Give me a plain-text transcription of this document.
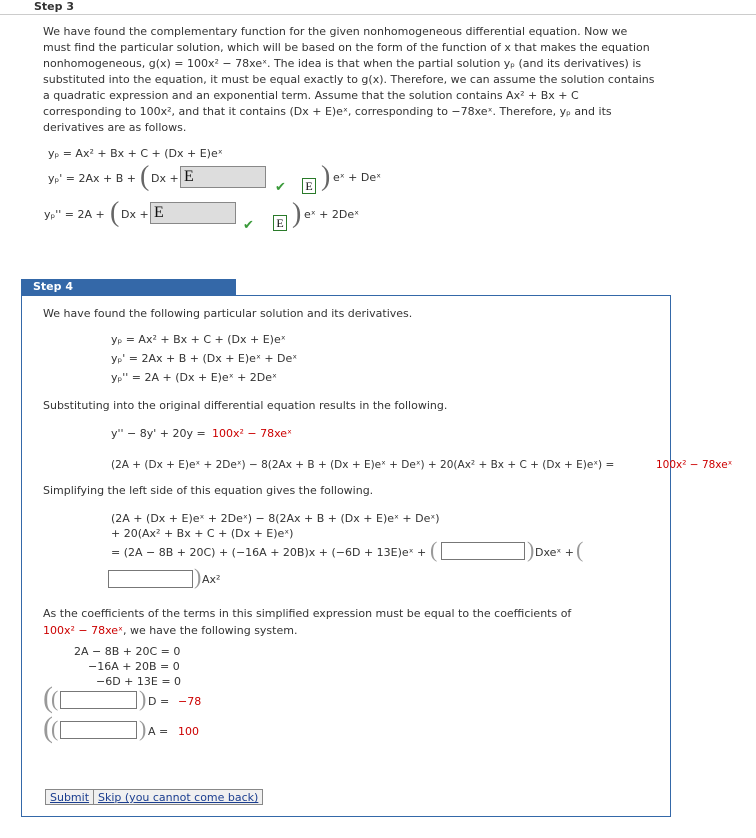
Step 3
We have found the complementary function for the given nonhomogeneous differential equation. Now we
must find the particular solution, which will be based on the form of the function of x that makes the equation
nonhomogeneous, g(x) = 100x² − 78xeˣ. The idea is that when the partial solution yₚ (and its derivatives) is
substituted into the equation, it must be equal exactly to g(x). Therefore, we can assume the solution contains
a quadratic expression and an exponential term. Assume that the solution contains Ax² + Bx + C
corresponding to 100x², and that it contains (Dx + E)eˣ, corresponding to −78xeˣ. Therefore, yₚ and its
derivatives are as follows.
yₚ = Ax² + Bx + C + (Dx + E)eˣ
yₚ' = 2Ax + B + ( Dx + E
✔ E ) eˣ + Deˣ
yₚ'' = 2A + ( Dx + E
✔ E ) eˣ + 2Deˣ
Step 4
We have found the following particular solution and its derivatives.
yₚ = Ax² + Bx + C + (Dx + E)eˣ
yₚ' = 2Ax + B + (Dx + E)eˣ + Deˣ
yₚ'' = 2A + (Dx + E)eˣ + 2Deˣ
Substituting into the original differential equation results in the following.
y'' − 8y' + 20y = 100x² − 78xeˣ
(2A + (Dx + E)eˣ + 2Deˣ) − 8(2Ax + B + (Dx + E)eˣ + Deˣ) + 20(Ax² + Bx + C + (Dx + E)eˣ) =	100x² − 78xeˣ
Simplifying the left side of this equation gives the following.
(2A + (Dx + E)eˣ + 2Deˣ) − 8(2Ax + B + (Dx + E)eˣ + Deˣ)
+ 20(Ax² + Bx + C + (Dx + E)eˣ)
= (2A − 8B + 20C) + (−16A + 20B)x + (−6D + 13E)eˣ + (	) Dxeˣ + (
) Ax²
As the coefficients of the terms in this simplified expression must be equal to the coefficients of
100x² − 78xeˣ, we have the following system.
2A − 8B + 20C = 0
−16A + 20B = 0
−6D + 13E = 0
(
(	) D = −78
(
(	) A = 100
Submit Skip (you cannot come back)
